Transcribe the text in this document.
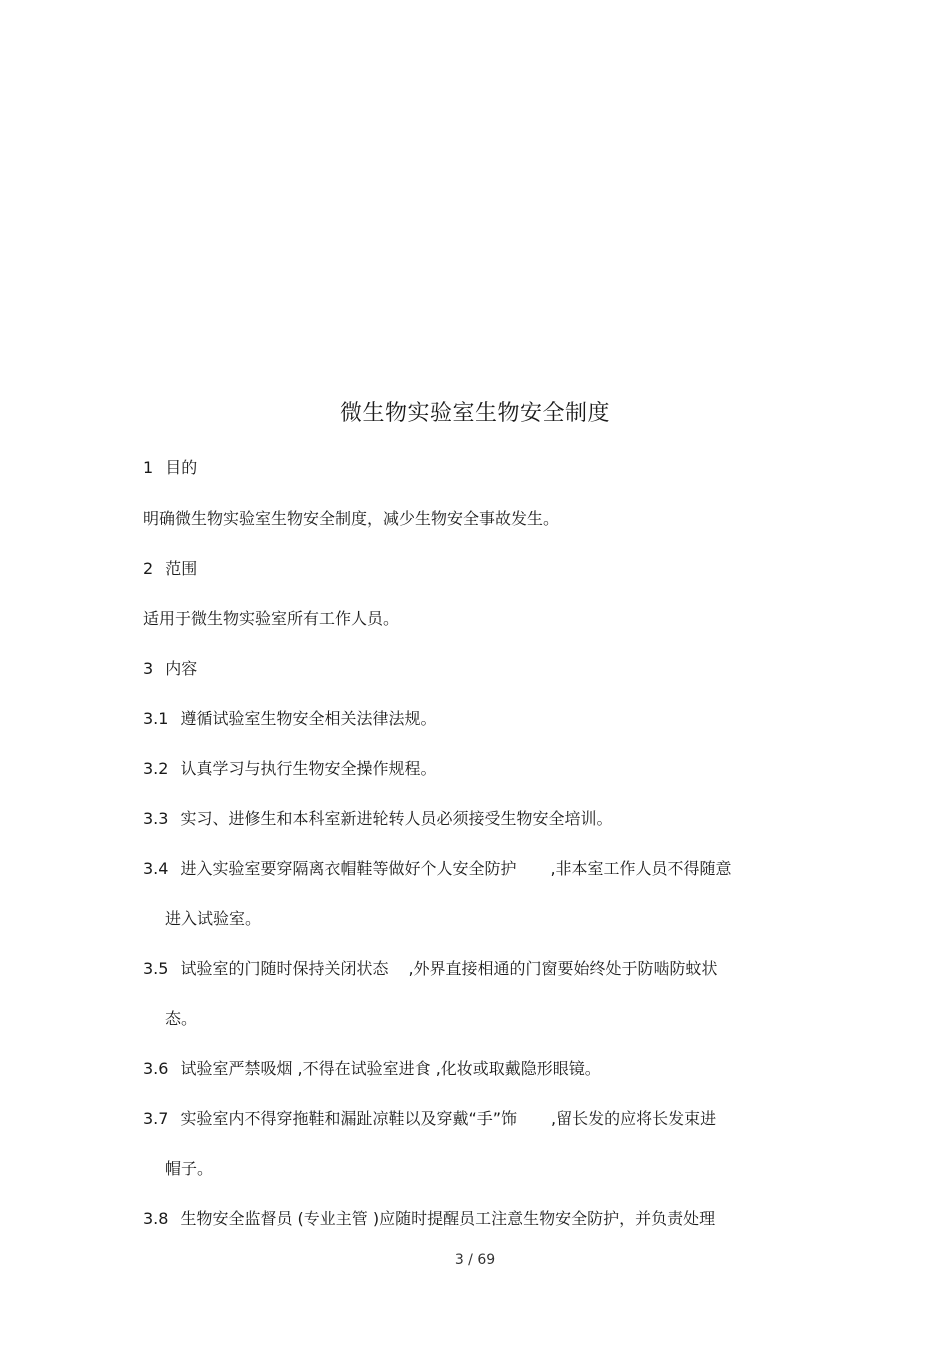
微生物实验室生物安全制度
1 目的
明确微生物实验室生物安全制度，减少生物安全事故发生。
2 范围
适用于微生物实验室所有工作人员。
3 内容
3.1 遵循试验室生物安全相关法律法规。
3.2 认真学习与执行生物安全操作规程。
3.3 实习、进修生和本科室新进轮转人员必须接受生物安全培训。
3.4 进入实验室要穿隔离衣帽鞋等做好个人安全防护 ,非本室工作人员不得随意
进入试验室。
3.5 试验室的门随时保持关闭状态 ,外界直接相通的门窗要始终处于防啮防蚊状
态。
3.6 试验室严禁吸烟 ,不得在试验室进食 ,化妆或取戴隐形眼镜。
3.7 实验室内不得穿拖鞋和漏趾凉鞋以及穿戴“手”饰 ,留长发的应将长发束进
帽子。
3.8 生物安全监督员 (专业主管 )应随时提醒员工注意生物安全防护，并负责处理
3 / 69
